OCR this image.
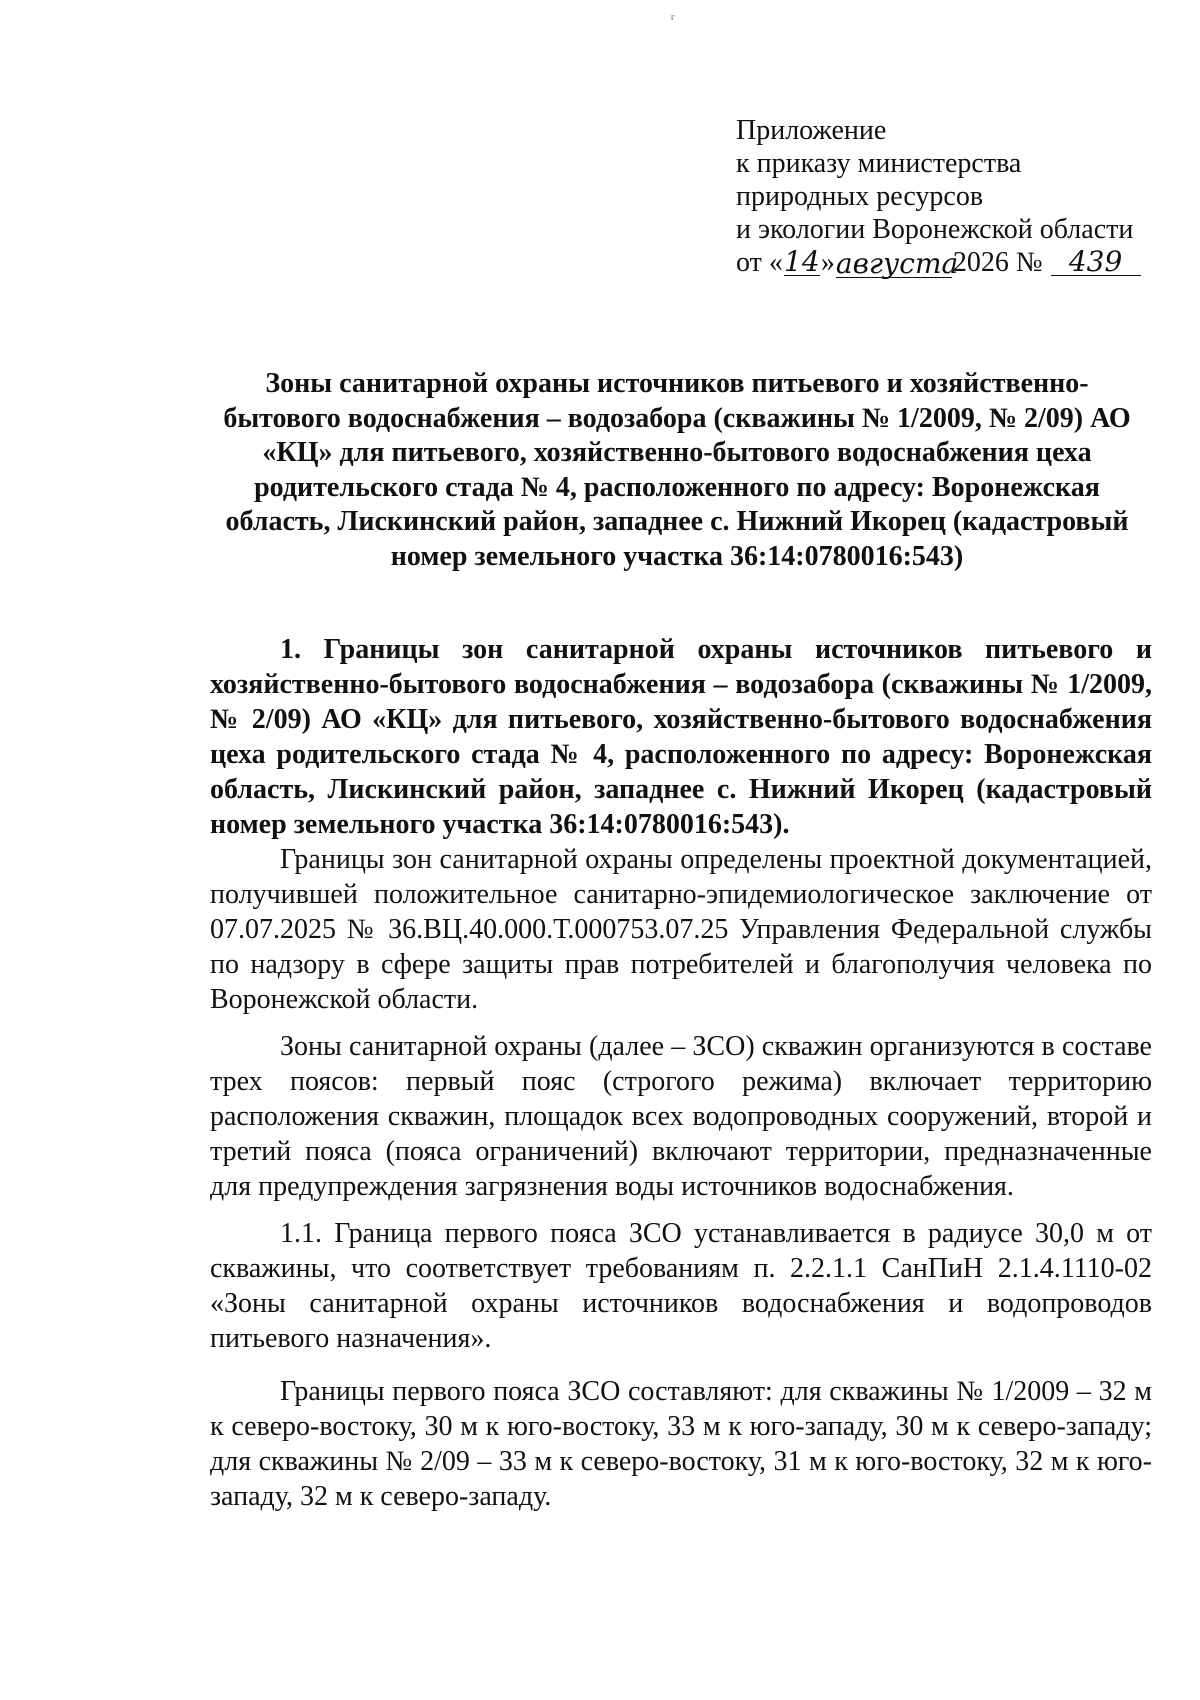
г
Приложение
к приказу министерства
природных ресурсов
и экологии Воронежской области
от «14»августа2026 № 439
Зоны санитарной охраны источников питьевого и хозяйственно-бытового водоснабжения – водозабора (скважины № 1/2009, № 2/09) АО «КЦ» для питьевого, хозяйственно-бытового водоснабжения цеха родительского стада № 4, расположенного по адресу: Воронежская область, Лискинский район, западнее с. Нижний Икорец (кадастровый номер земельного участка 36:14:0780016:543)

1. Границы зон санитарной охраны источников питьевого и хозяйственно-бытового водоснабжения – водозабора (скважины № 1/2009, № 2/09) АО «КЦ» для питьевого, хозяйственно-бытового водоснабжения цеха родительского стада № 4, расположенного по адресу: Воронежская область, Лискинский район, западнее с. Нижний Икорец (кадастровый номер земельного участка 36:14:0780016:543).

Границы зон санитарной охраны определены проектной документацией, получившей положительное санитарно-эпидемиологическое заключение от 07.07.2025 № 36.ВЦ.40.000.Т.000753.07.25 Управления Федеральной службы по надзору в сфере защиты прав потребителей и благополучия человека по Воронежской области.

Зоны санитарной охраны (далее – ЗСО) скважин организуются в составе трех поясов: первый пояс (строгого режима) включает территорию расположения скважин, площадок всех водопроводных сооружений, второй и третий пояса (пояса ограничений) включают территории, предназначенные для предупреждения загрязнения воды источников водоснабжения.

1.1. Граница первого пояса ЗСО устанавливается в радиусе 30,0 м от скважины, что соответствует требованиям п. 2.2.1.1 СанПиН 2.1.4.1110-02 «Зоны санитарной охраны источников водоснабжения и водопроводов питьевого назначения».

Границы первого пояса ЗСО составляют: для скважины № 1/2009 – 32 м к северо-востоку, 30 м к юго-востоку, 33 м к юго-западу, 30 м к северо-западу; для скважины № 2/09 – 33 м к северо-востоку, 31 м к юго-востоку, 32 м к юго-западу, 32 м к северо-западу.
